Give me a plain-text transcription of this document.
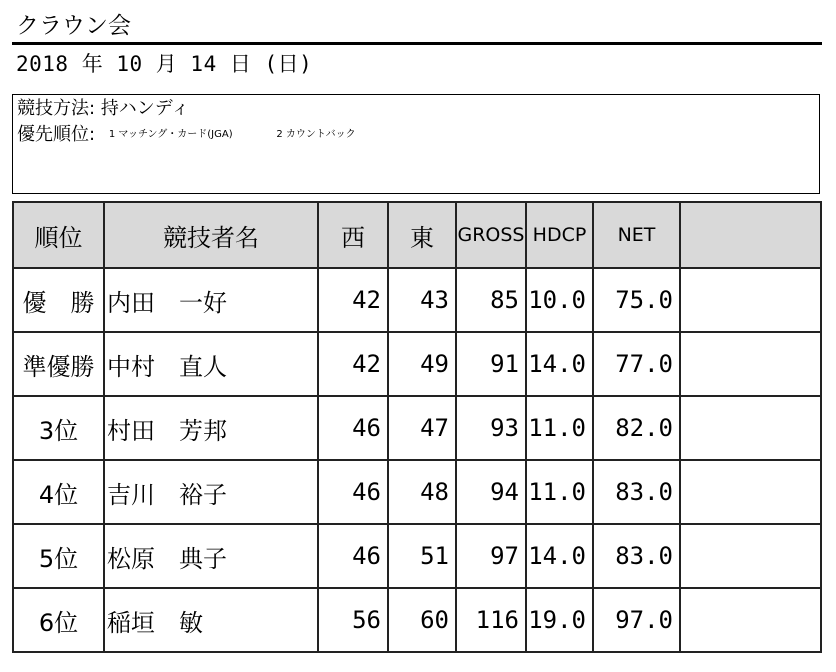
クラウン会
2018 年 10 月 14 日 (日)
競技方法: 持ハンディ
優先順位: 1 マッチング・カード(JGA)	2 カウントバック
順位	競技者名	西	東	GROSS	HDCP	NET	
優　勝	内田　一好	42	43	85	10.0	75.0	
準優勝	中村　直人	42	49	91	14.0	77.0	
3位	村田　芳邦	46	47	93	11.0	82.0	
4位	吉川　裕子	46	48	94	11.0	83.0	
5位	松原　典子	46	51	97	14.0	83.0	
6位	稲垣　敏	56	60	116	19.0	97.0	
